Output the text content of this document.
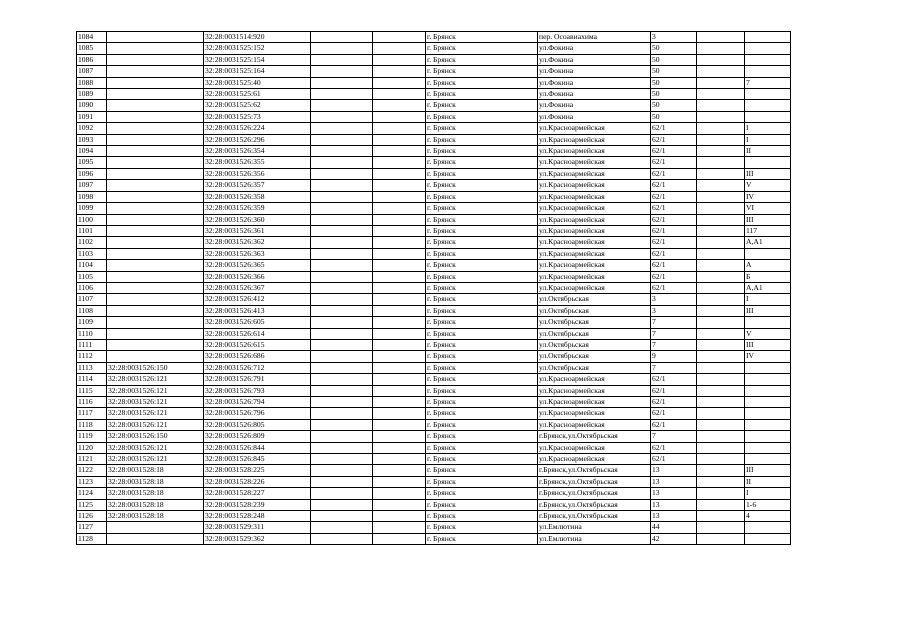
1084		32:28:0031514:920			г. Брянск	пер. Осоавиахима	3		
1085		32:28:0031525:152			г. Брянск	ул.Фокина	50		
1086		32:28:0031525:154			г. Брянск	ул.Фокина	50		
1087		32:28:0031525:164			г. Брянск	ул.Фокина	50		
1088		32:28:0031525:40			г. Брянск	ул.Фокина	50		7
1089		32:28:0031525:61			г. Брянск	ул.Фокина	50		
1090		32:28:0031525:62			г. Брянск	ул.Фокина	50		
1091		32:28:0031525:73			г. Брянск	ул.Фокина	50		
1092		32:28:0031526:224			г. Брянск	ул.Красноармейская	62/1		I
1093		32:28:0031526:296			г. Брянск	ул.Красноармейская	62/1		I
1094		32:28:0031526:354			г. Брянск	ул.Красноармейская	62/1		II
1095		32:28:0031526:355			г. Брянск	ул.Красноармейская	62/1		
1096		32:28:0031526:356			г. Брянск	ул.Красноармейская	62/1		III
1097		32:28:0031526:357			г. Брянск	ул.Красноармейская	62/1		V
1098		32:28:0031526:358			г. Брянск	ул.Красноармейская	62/1		IV
1099		32:28:0031526:359			г. Брянск	ул.Красноармейская	62/1		VI
1100		32:28:0031526:360			г. Брянск	ул.Красноармейская	62/1		III
1101		32:28:0031526:361			г. Брянск	ул.Красноармейская	62/1		117
1102		32:28:0031526:362			г. Брянск	ул.Красноармейская	62/1		А,А1
1103		32:28:0031526:363			г. Брянск	ул.Красноармейская	62/1		
1104		32:28:0031526:365			г. Брянск	ул.Красноармейская	62/1		А
1105		32:28:0031526:366			г. Брянск	ул.Красноармейская	62/1		Б
1106		32:28:0031526:367			г. Брянск	ул.Красноармейская	62/1		А,А1
1107		32:28:0031526:412			г. Брянск	ул.Октябрьская	3		I
1108		32:28:0031526:413			г. Брянск	ул.Октябрьская	3		III
1109		32:28:0031526:605			г. Брянск	ул.Октябрьская	7		
1110		32:28:0031526:614			г. Брянск	ул.Октябрьская	7		V
1111		32:28:0031526:615			г. Брянск	ул.Октябрьская	7		III
1112		32:28:0031526:686			г. Брянск	ул.Октябрьская	9		IV
1113	32:28:0031526:150	32:28:0031526:712			г. Брянск	ул.Октябрьская	7		
1114	32:28:0031526:121	32:28:0031526:791			г. Брянск	ул.Красноармейская	62/1		
1115	32:28:0031526:121	32:28:0031526:793			г. Брянск	ул.Красноармейская	62/1		
1116	32:28:0031526:121	32:28:0031526:794			г. Брянск	ул.Красноармейская	62/1		
1117	32:28:0031526:121	32:28:0031526:796			г. Брянск	ул.Красноармейская	62/1		
1118	32:28:0031526:121	32:28:0031526:805			г. Брянск	ул.Красноармейская	62/1		
1119	32:28:0031526:150	32:28:0031526:809			г. Брянск	г.Брянск,ул.Октябрьская	7		
1120	32:28:0031526:121	32:28:0031526:844			г. Брянск	ул.Красноармейская	62/1		
1121	32:28:0031526:121	32:28:0031526:845			г. Брянск	ул.Красноармейская	62/1		
1122	32:28:0031528:18	32:28:0031528:225			г. Брянск	г.Брянск,ул.Октябрьская	13		III
1123	32:28:0031528:18	32:28:0031528:226			г. Брянск	г.Брянск,ул.Октябрьская	13		II
1124	32:28:0031528:18	32:28:0031528:227			г. Брянск	г.Брянск,ул.Октябрьская	13		I
1125	32:28:0031528:18	32:28:0031528:239			г. Брянск	г.Брянск,ул.Октябрьская	13		1-6
1126	32:28:0031528:18	32:28:0031528:248			г. Брянск	г.Брянск,ул.Октябрьская	13		4
1127		32:28:0031529:311			г. Брянск	ул.Емлютина	44		
1128		32:28:0031529:362			г. Брянск	ул.Емлютина	42		
